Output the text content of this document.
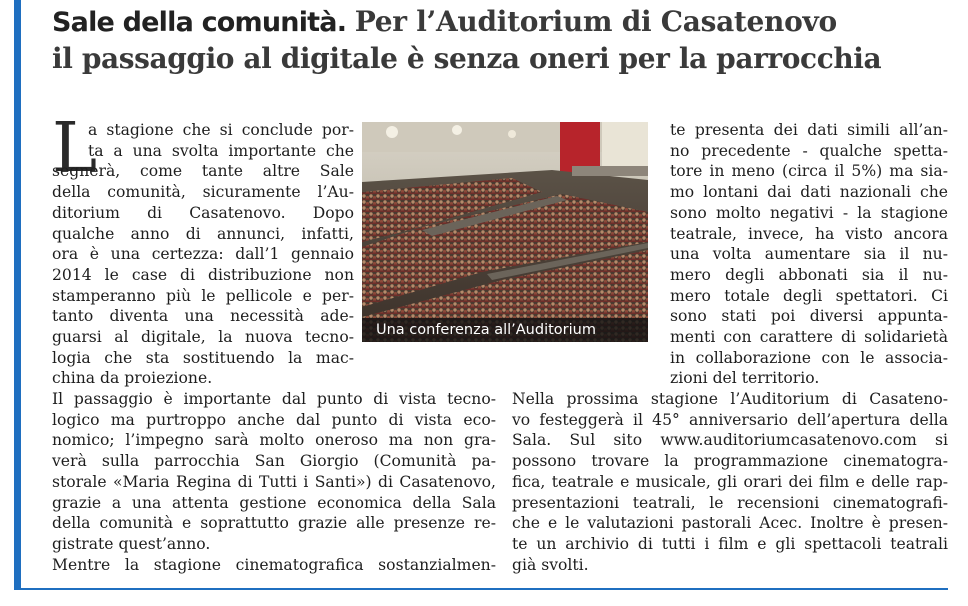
Sale della comunità. Per l’Auditorium di Casatenovo
il passaggio al digitale è senza oneri per la parrocchia
L
a stagione che si conclude por-
ta a una svolta importante che
segnerà, come tante altre Sale
della comunità, sicuramente l’Au-
ditorium di Casatenovo. Dopo
qualche anno di annunci, infatti,
ora è una certezza: dall’1 gennaio
2014 le case di distribuzione non
stamperanno più le pellicole e per-
tanto diventa una necessità ade-
guarsi al digitale, la nuova tecno-
logia che sta sostituendo la mac-
china da proiezione.
Una conferenza all’Auditorium
Il passaggio è importante dal punto di vista tecno-
logico ma purtroppo anche dal punto di vista eco-
nomico; l’impegno sarà molto oneroso ma non gra-
verà sulla parrocchia San Giorgio (Comunità pa-
storale «Maria Regina di Tutti i Santi») di Casatenovo,
grazie a una attenta gestione economica della Sala
della comunità e soprattutto grazie alle presenze re-
gistrate quest’anno.
Mentre la stagione cinematografica sostanzialmen-
te presenta dei dati simili all’an-
no precedente - qualche spetta-
tore in meno (circa il 5%) ma sia-
mo lontani dai dati nazionali che
sono molto negativi - la stagione
teatrale, invece, ha visto ancora
una volta aumentare sia il nu-
mero degli abbonati sia il nu-
mero totale degli spettatori. Ci
sono stati poi diversi appunta-
menti con carattere di solidarietà
in collaborazione con le associa-
zioni del territorio.
Nella prossima stagione l’Auditorium di Casateno-
vo festeggerà il 45° anniversario dell’apertura della
Sala. Sul sito www.auditoriumcasatenovo.com si
possono trovare la programmazione cinematogra-
fica, teatrale e musicale, gli orari dei film e delle rap-
presentazioni teatrali, le recensioni cinematografi-
che e le valutazioni pastorali Acec. Inoltre è presen-
te un archivio di tutti i film e gli spettacoli teatrali
già svolti.
